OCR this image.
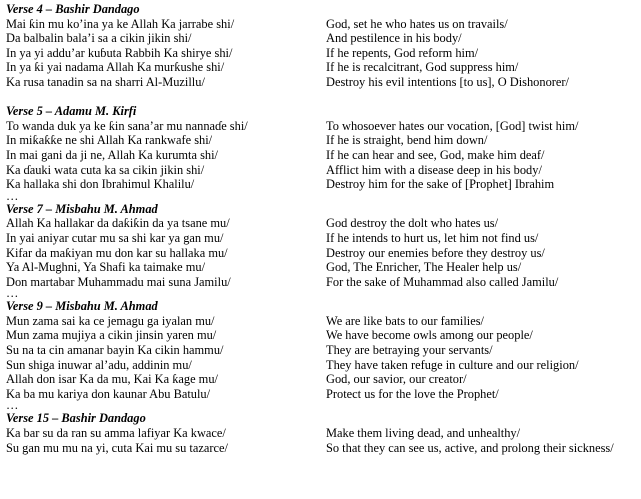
Verse 4 – Bashir Dandago
Mai ƙin mu ko’ina ya ke Allah Ka jarrabe shi/	God, set he who hates us on travails/
Da balbalin bala’i sa a cikin jikin shi/	And pestilence in his body/
In ya yi addu’ar kuɓuta Rabbih Ka shirye shi/	If he repents, God reform him/
In ya ƙi yai nadama Allah Ka murƙushe shi/	If he is recalcitrant, God suppress him/
Ka rusa tanadin sa na sharri Al-Muzillu/	Destroy his evil intentions [to us], O Dishonorer/
Verse 5 – Adamu M. Kirfi
To wanda duk ya ke ƙin sana’ar mu nannaɗe shi/	To whosoever hates our vocation, [God] twist him/
In miƙaƙƙe ne shi Allah Ka rankwafe shi/	If he is straight, bend him down/
In mai gani da ji ne, Allah Ka kurumta shi/	If he can hear and see, God, make him deaf/
Ka ɗauki wata cuta ka sa cikin jikin shi/	Afflict him with a disease deep in his body/
Ka hallaka shi don Ibrahimul Khalilu/	Destroy him for the sake of [Prophet] Ibrahim
…
Verse 7 – Misbahu M. Ahmad
Allah Ka hallakar da daƙiƙin da ya tsane mu/	God destroy the dolt who hates us/
In yai aniyar cutar mu sa shi kar ya gan mu/	If he intends to hurt us, let him not find us/
Kifar da maƙiyan mu don kar su hallaka mu/	Destroy our enemies before they destroy us/
Ya Al-Mughni, Ya Shafi ka taimake mu/	God, The Enricher, The Healer help us/
Don martabar Muhammadu mai suna Jamilu/	For the sake of Muhammad also called Jamilu/
…
Verse 9 – Misbahu M. Ahmad
Mun zama sai ka ce jemagu ga iyalan mu/	We are like bats to our families/
Mun zama mujiya a cikin jinsin yaren mu/	We have become owls among our people/
Su na ta cin amanar bayin Ka cikin hammu/	They are betraying your servants/
Sun shiga inuwar al’adu, addinin mu/	They have taken refuge in culture and our religion/
Allah don isar Ka da mu, Kai Ka ƙage mu/	God, our savior, our creator/
Ka ba mu kariya don kaunar Abu Batulu/	Protect us for the love the Prophet/
…
Verse 15 – Bashir Dandago
Ka bar su da ran su amma lafiyar Ka kwace/	Make them living dead, and unhealthy/
Su gan mu mu na yi, cuta Kai mu su tazarce/	So that they can see us, active, and prolong their sickness/
